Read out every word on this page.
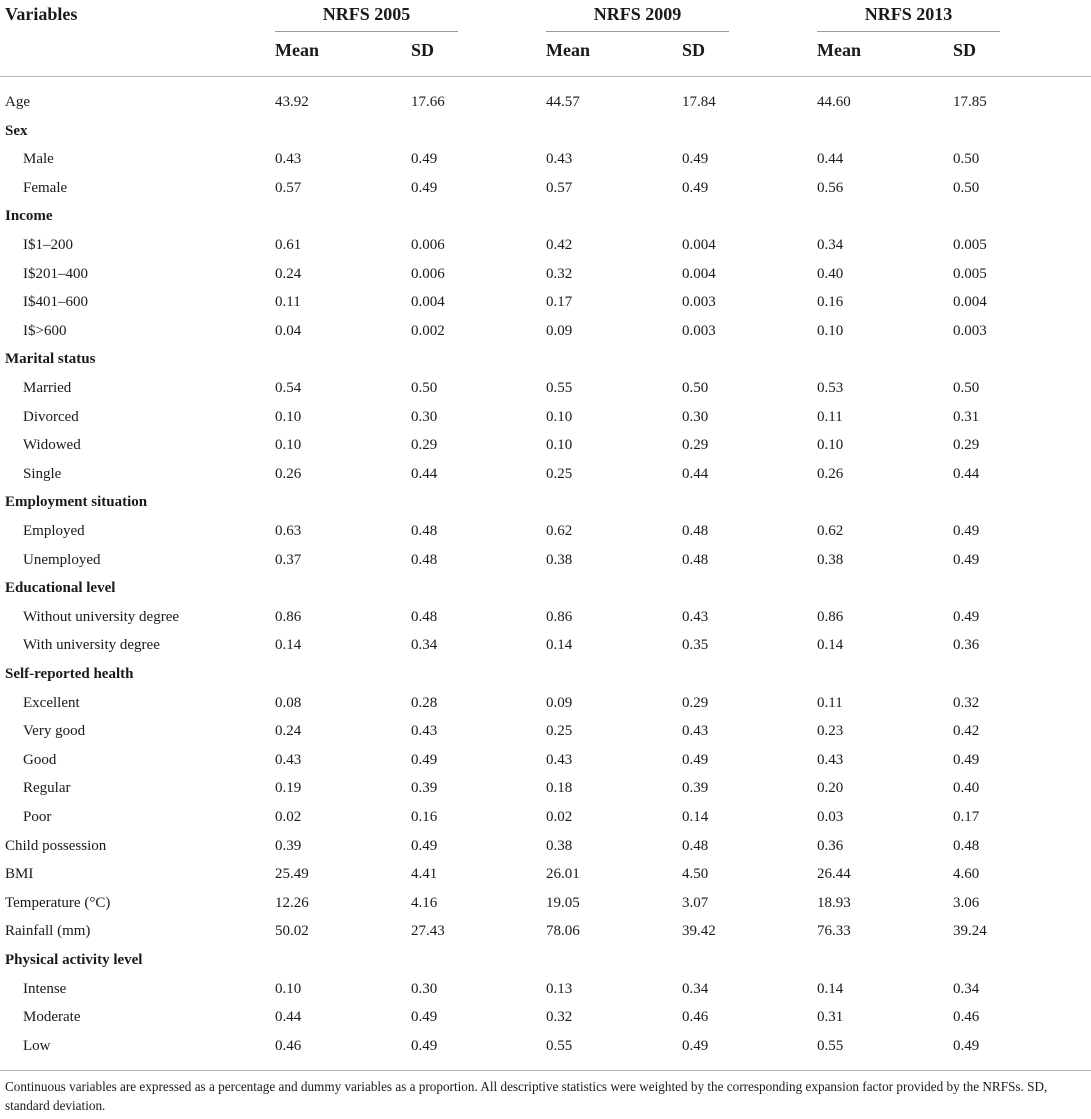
Variables	NRFS 2005	NRFS 2009	NRFS 2013
Mean	SD	Mean	SD	Mean	SD
Age	43.92	17.66	44.57	17.84	44.60	17.85
Sex
Male	0.43	0.49	0.43	0.49	0.44	0.50
Female	0.57	0.49	0.57	0.49	0.56	0.50
Income
I$1–200	0.61	0.006	0.42	0.004	0.34	0.005
I$201–400	0.24	0.006	0.32	0.004	0.40	0.005
I$401–600	0.11	0.004	0.17	0.003	0.16	0.004
I$>600	0.04	0.002	0.09	0.003	0.10	0.003
Marital status
Married	0.54	0.50	0.55	0.50	0.53	0.50
Divorced	0.10	0.30	0.10	0.30	0.11	0.31
Widowed	0.10	0.29	0.10	0.29	0.10	0.29
Single	0.26	0.44	0.25	0.44	0.26	0.44
Employment situation
Employed	0.63	0.48	0.62	0.48	0.62	0.49
Unemployed	0.37	0.48	0.38	0.48	0.38	0.49
Educational level
Without university degree	0.86	0.48	0.86	0.43	0.86	0.49
With university degree	0.14	0.34	0.14	0.35	0.14	0.36
Self-reported health
Excellent	0.08	0.28	0.09	0.29	0.11	0.32
Very good	0.24	0.43	0.25	0.43	0.23	0.42
Good	0.43	0.49	0.43	0.49	0.43	0.49
Regular	0.19	0.39	0.18	0.39	0.20	0.40
Poor	0.02	0.16	0.02	0.14	0.03	0.17
Child possession	0.39	0.49	0.38	0.48	0.36	0.48
BMI	25.49	4.41	26.01	4.50	26.44	4.60
Temperature (°C)	12.26	4.16	19.05	3.07	18.93	3.06
Rainfall (mm)	50.02	27.43	78.06	39.42	76.33	39.24
Physical activity level
Intense	0.10	0.30	0.13	0.34	0.14	0.34
Moderate	0.44	0.49	0.32	0.46	0.31	0.46
Low	0.46	0.49	0.55	0.49	0.55	0.49
Continuous variables are expressed as a percentage and dummy variables as a proportion. All descriptive statistics were weighted by the corresponding expansion factor provided by the NRFSs. SD, standard deviation.
